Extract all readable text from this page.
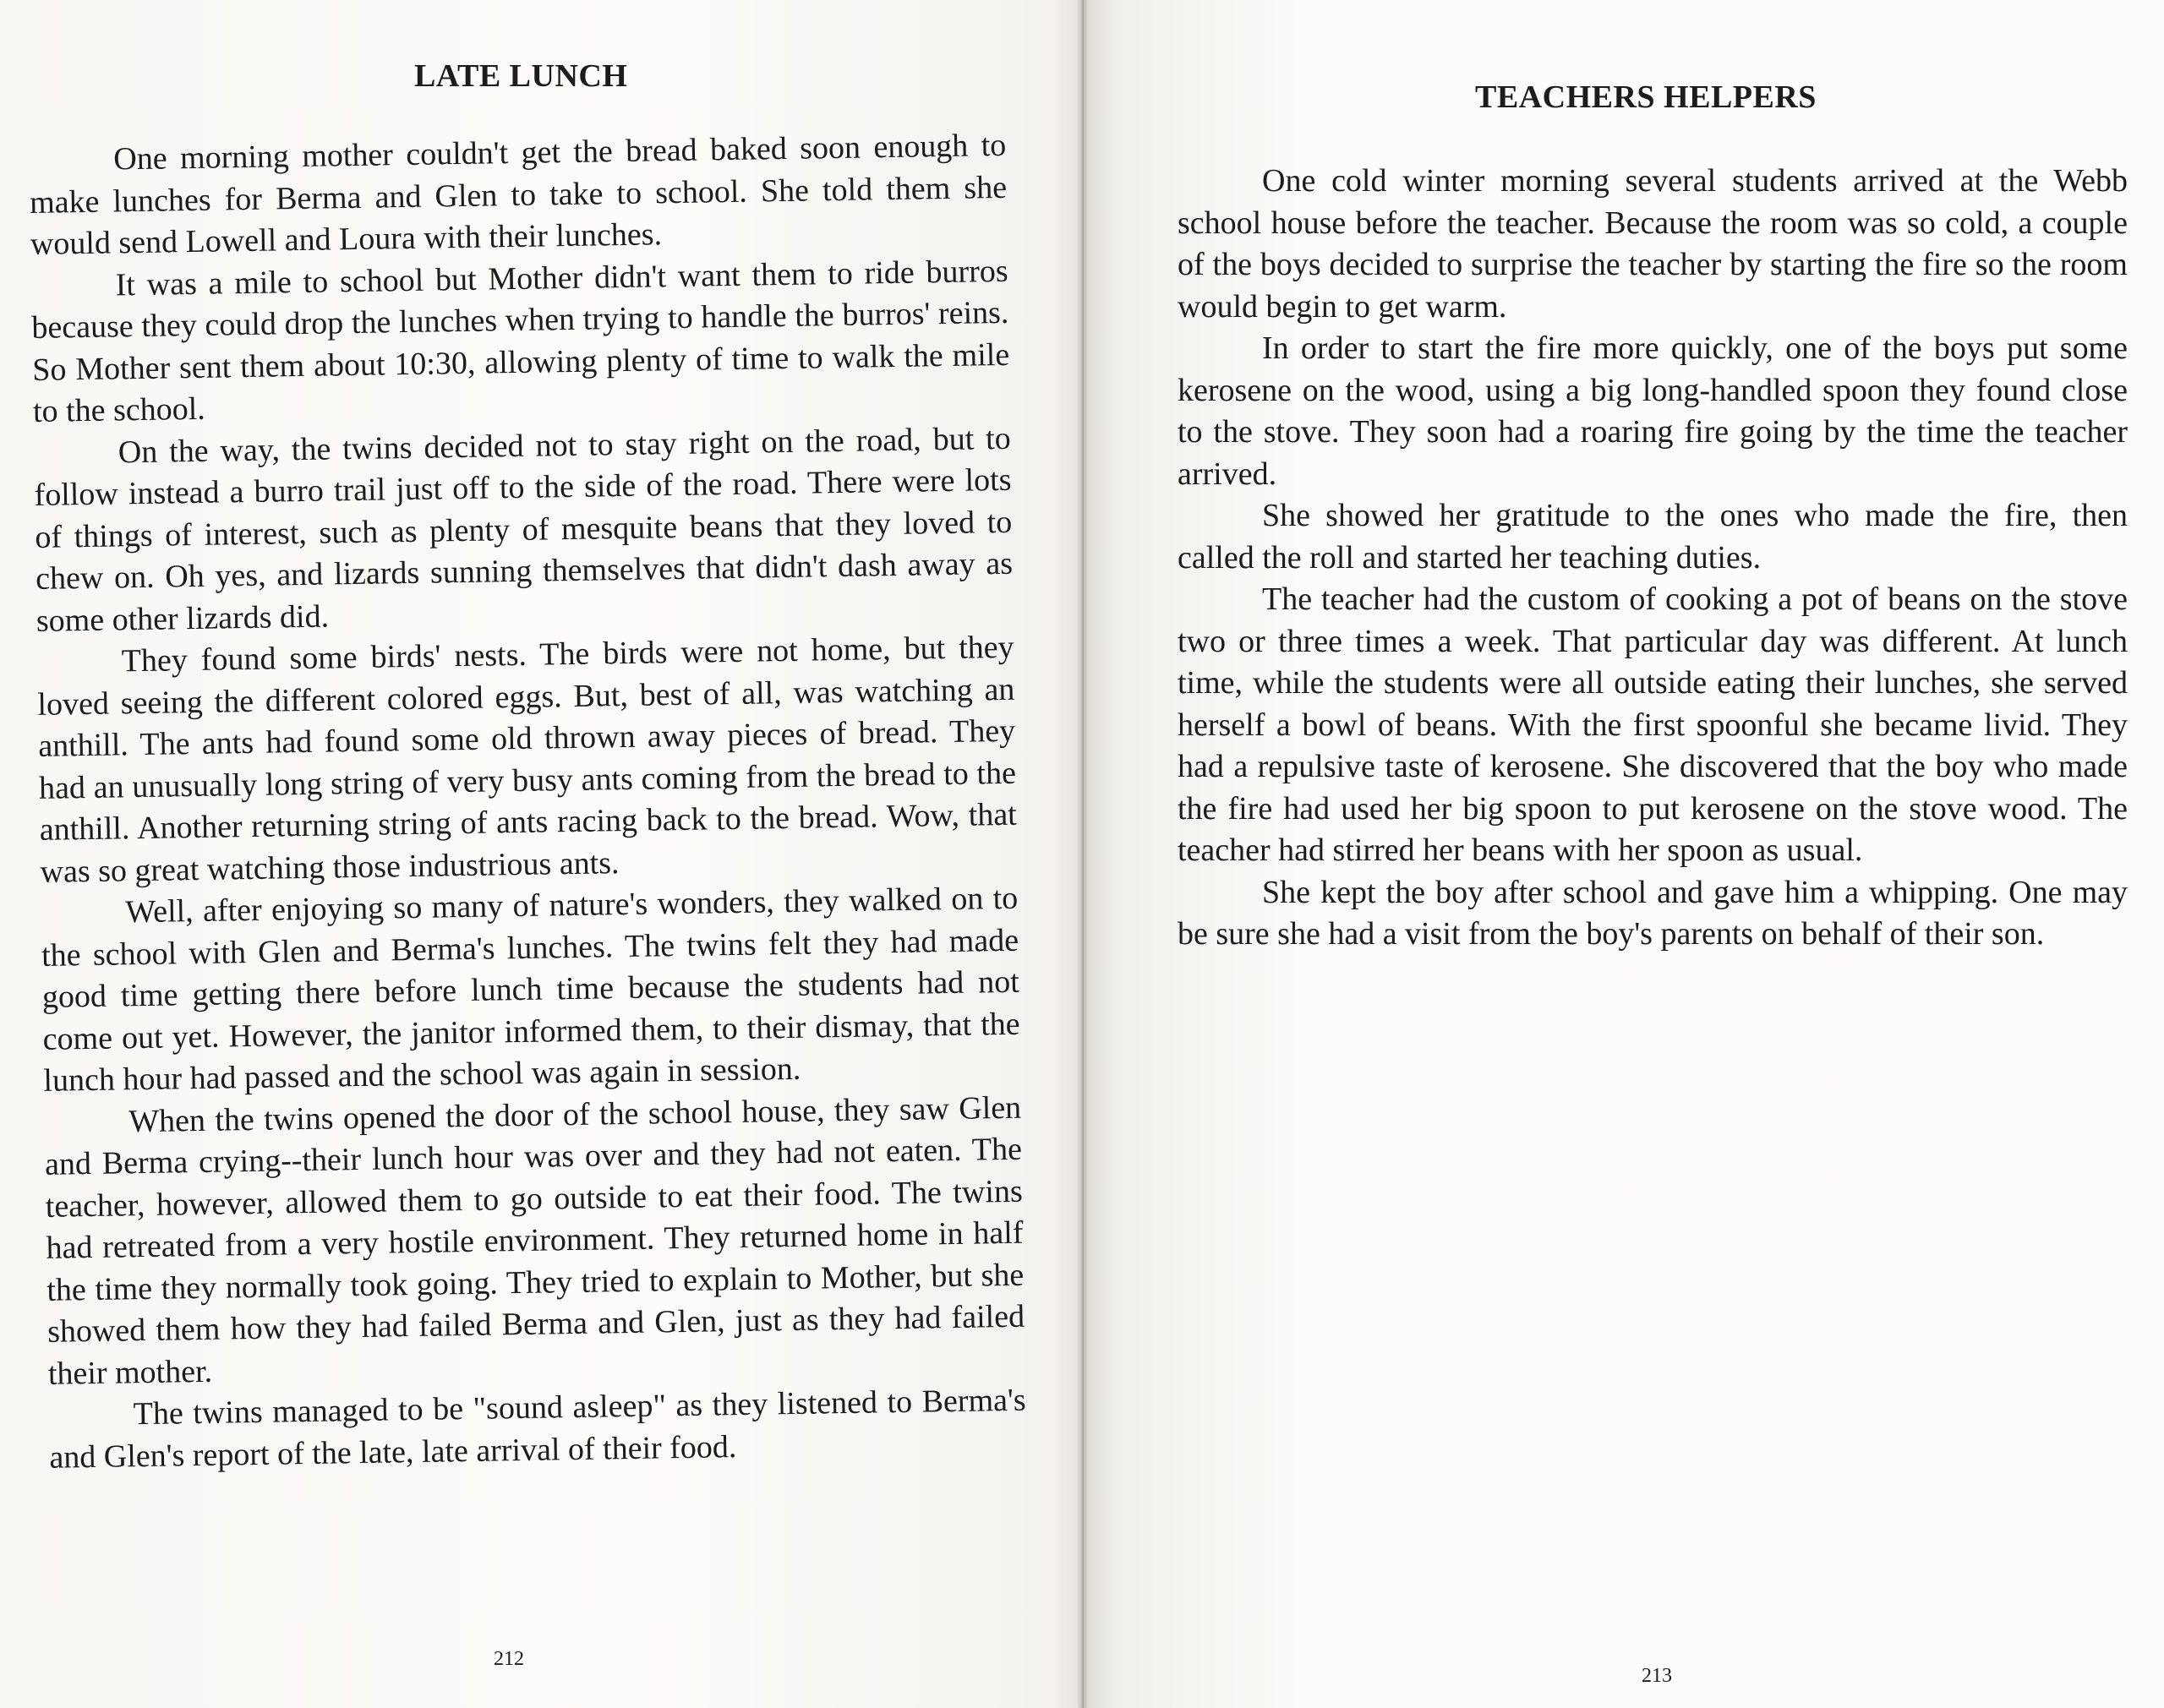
LATE LUNCH

One morning mother couldn't get the bread baked soon enough to make lunches for Berma and Glen to take to school. She told them she would send Lowell and Loura with their lunches.

It was a mile to school but Mother didn't want them to ride burros because they could drop the lunches when trying to handle the burros' reins. So Mother sent them about 10:30, allowing plenty of time to walk the mile to the school.

On the way, the twins decided not to stay right on the road, but to follow instead a burro trail just off to the side of the road. There were lots of things of interest, such as plenty of mesquite beans that they loved to chew on. Oh yes, and lizards sunning themselves that didn't dash away as some other lizards did.

They found some birds' nests. The birds were not home, but they loved seeing the different colored eggs. But, best of all, was watching an anthill. The ants had found some old thrown away pieces of bread. They had an unusually long string of very busy ants coming from the bread to the anthill. Another returning string of ants racing back to the bread. Wow, that was so great watching those industrious ants.

Well, after enjoying so many of nature's wonders, they walked on to the school with Glen and Berma's lunches. The twins felt they had made good time getting there before lunch time because the students had not come out yet. However, the janitor informed them, to their dismay, that the lunch hour had passed and the school was again in session.

When the twins opened the door of the school house, they saw Glen and Berma crying--their lunch hour was over and they had not eaten. The teacher, however, allowed them to go outside to eat their food. The twins had retreated from a very hostile environment. They returned home in half the time they normally took going. They tried to explain to Mother, but she showed them how they had failed Berma and Glen, just as they had failed their mother.

The twins managed to be "sound asleep" as they listened to Berma's and Glen's report of the late, late arrival of their food.

212
TEACHERS HELPERS

One cold winter morning several students arrived at the Webb school house before the teacher. Because the room was so cold, a couple of the boys decided to surprise the teacher by starting the fire so the room would begin to get warm.

In order to start the fire more quickly, one of the boys put some kerosene on the wood, using a big long-handled spoon they found close to the stove. They soon had a roaring fire going by the time the teacher arrived.

She showed her gratitude to the ones who made the fire, then called the roll and started her teaching duties.

The teacher had the custom of cooking a pot of beans on the stove two or three times a week. That particular day was different. At lunch time, while the students were all outside eating their lunches, she served herself a bowl of beans. With the first spoonful she became livid. They had a repulsive taste of kerosene. She discovered that the boy who made the fire had used her big spoon to put kerosene on the stove wood. The teacher had stirred her beans with her spoon as usual.

She kept the boy after school and gave him a whipping. One may be sure she had a visit from the boy's parents on behalf of their son.

213
